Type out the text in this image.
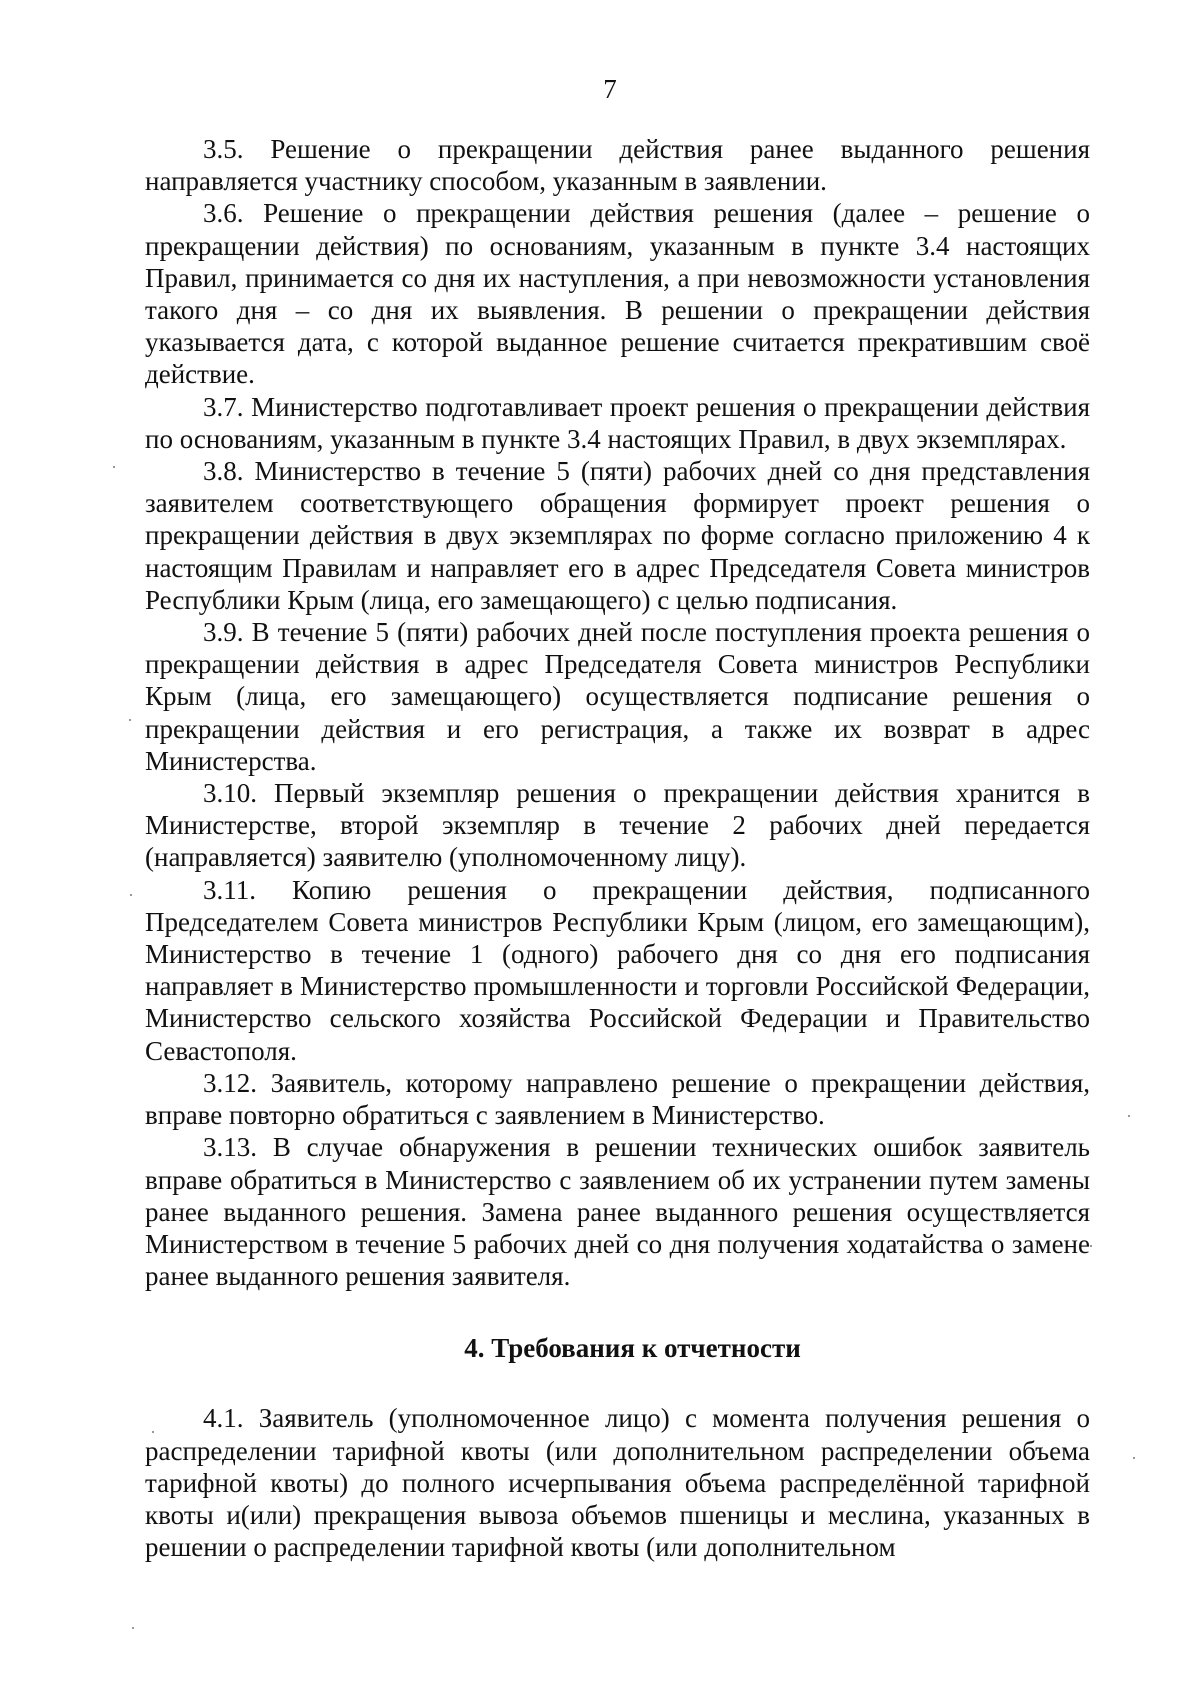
7

3.5. Решение о прекращении действия ранее выданного решения направляется участнику способом, указанным в заявлении.

3.6. Решение о прекращении действия решения (далее – решение о прекращении действия) по основаниям, указанным в пункте 3.4 настоящих Правил, принимается со дня их наступления, а при невозможности установления такого дня – со дня их выявления. В решении о прекращении действия указывается дата, с которой выданное решение считается прекратившим своё действие.

3.7. Министерство подготавливает проект решения о прекращении действия по основаниям, указанным в пункте 3.4 настоящих Правил, в двух экземплярах.

3.8. Министерство в течение 5 (пяти) рабочих дней со дня представления заявителем соответствующего обращения формирует проект решения о прекращении действия в двух экземплярах по форме согласно приложению 4 к настоящим Правилам и направляет его в адрес Председателя Совета министров Республики Крым (лица, его замещающего) с целью подписания.

3.9. В течение 5 (пяти) рабочих дней после поступления проекта решения о прекращении действия в адрес Председателя Совета министров Республики Крым (лица, его замещающего) осуществляется подписание решения о прекращении действия и его регистрация, а также их возврат в адрес Министерства.

3.10. Первый экземпляр решения о прекращении действия хранится в Министерстве, второй экземпляр в течение 2 рабочих дней передается (направляется) заявителю (уполномоченному лицу).

3.11. Копию решения о прекращении действия, подписанного Председателем Совета министров Республики Крым (лицом, его замещающим), Министерство в течение 1 (одного) рабочего дня со дня его подписания направляет в Министерство промышленности и торговли Российской Федерации, Министерство сельского хозяйства Российской Федерации и Правительство Севастополя.

3.12. Заявитель, которому направлено решение о прекращении действия, вправе повторно обратиться с заявлением в Министерство.

3.13. В случае обнаружения в решении технических ошибок заявитель вправе обратиться в Министерство с заявлением об их устранении путем замены ранее выданного решения. Замена ранее выданного решения осуществляется Министерством в течение 5 рабочих дней со дня получения ходатайства о замене ранее выданного решения заявителя.

4. Требования к отчетности

4.1. Заявитель (уполномоченное лицо) с момента получения решения о распределении тарифной квоты (или дополнительном распределении объема тарифной квоты) до полного исчерпывания объема распределённой тарифной квоты и(или) прекращения вывоза объемов пшеницы и меслина, указанных в решении о распределении тарифной квоты (или дополнительном
